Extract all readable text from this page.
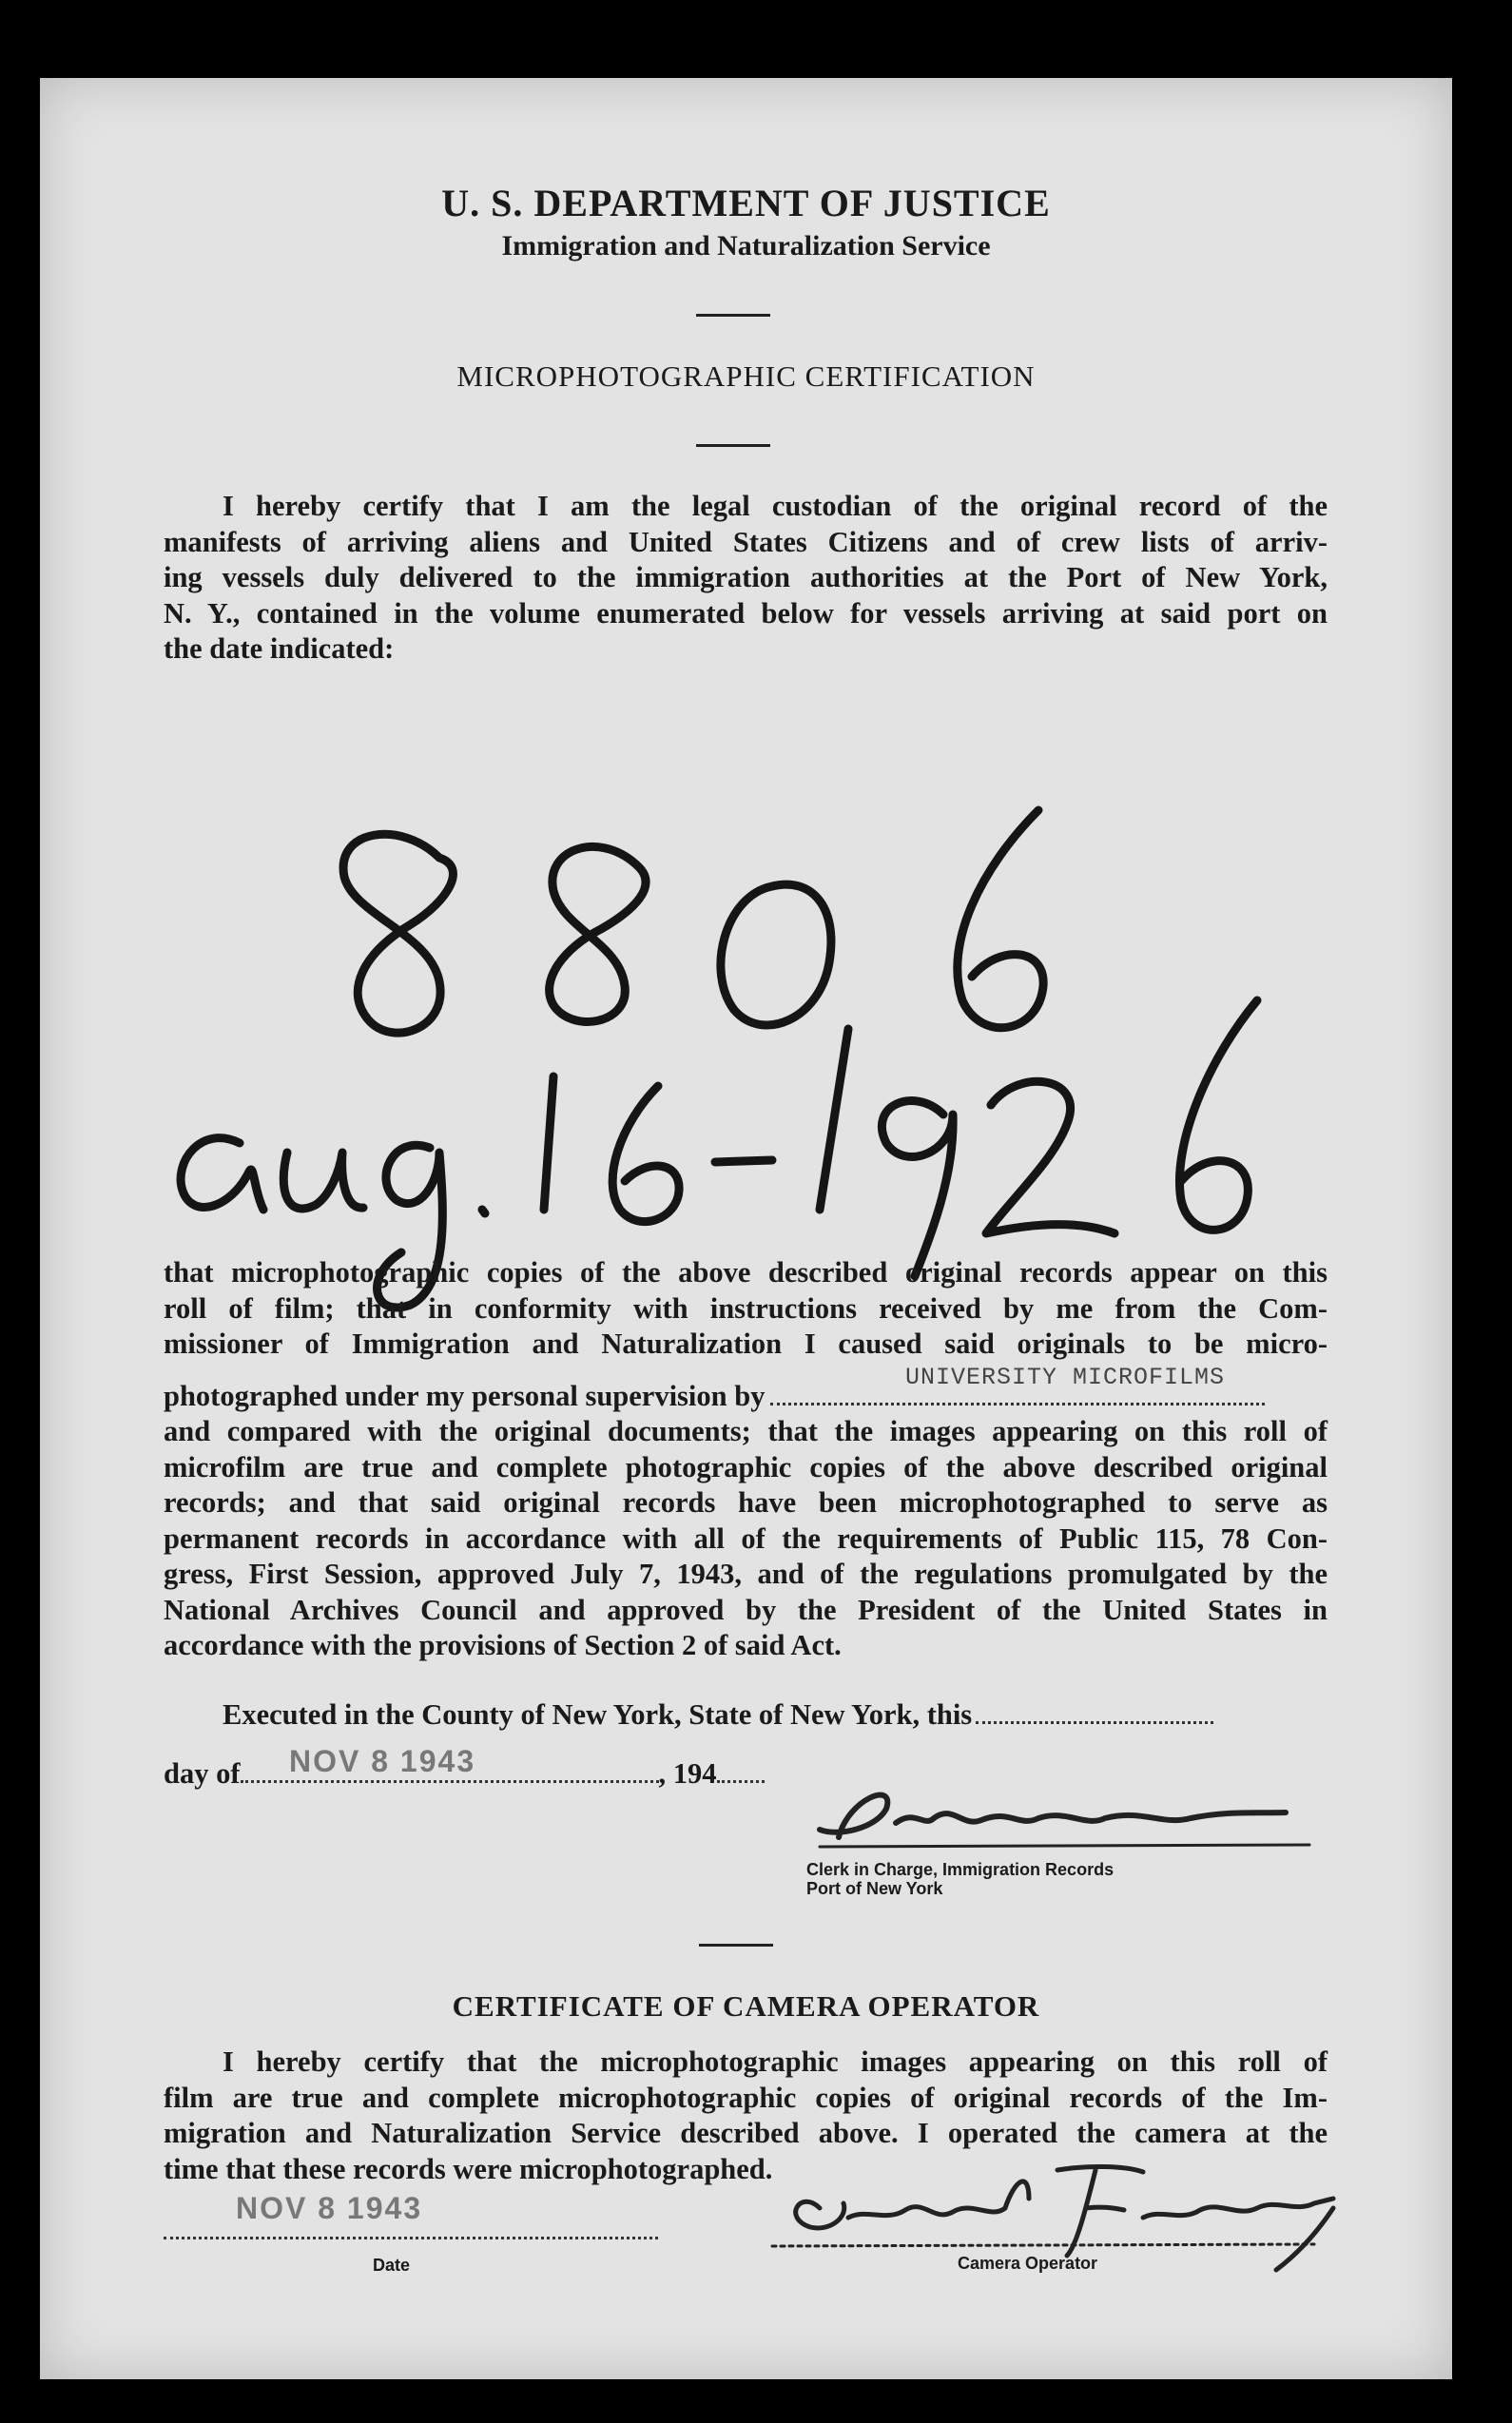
U. S. DEPARTMENT OF JUSTICE
Immigration and Naturalization Service
MICROPHOTOGRAPHIC CERTIFICATION
I hereby certify that I am the legal custodian of the original record of the
manifests of arriving aliens and United States Citizens and of crew lists of arriv-
ing vessels duly delivered to the immigration authorities at the Port of New York,
N. Y., contained in the volume enumerated below for vessels arriving at said port on
the date indicated:
that microphotographic copies of the above described original records appear on this
roll of film; that in conformity with instructions received by me from the Com-
missioner of Immigration and Naturalization I caused said originals to be micro-
photographed under my personal supervision by
and compared with the original documents; that the images appearing on this roll of
microfilm are true and complete photographic copies of the above described original
records; and that said original records have been microphotographed to serve as
permanent records in accordance with all of the requirements of Public 115, 78 Con-
gress, First Session, approved July 7, 1943, and of the regulations promulgated by the
National Archives Council and approved by the President of the United States in
accordance with the provisions of Section 2 of said Act.
UNIVERSITY MICROFILMS
Executed in the County of New York, State of New York, this
day of	, 194
NOV 8 1943
Clerk in Charge, Immigration Records
Port of New York
CERTIFICATE OF CAMERA OPERATOR
I hereby certify that the microphotographic images appearing on this roll of
film are true and complete microphotographic copies of original records of the Im-
migration and Naturalization Service described above. I operated the camera at the
time that these records were microphotographed.
NOV 8 1943
Date	Camera Operator
